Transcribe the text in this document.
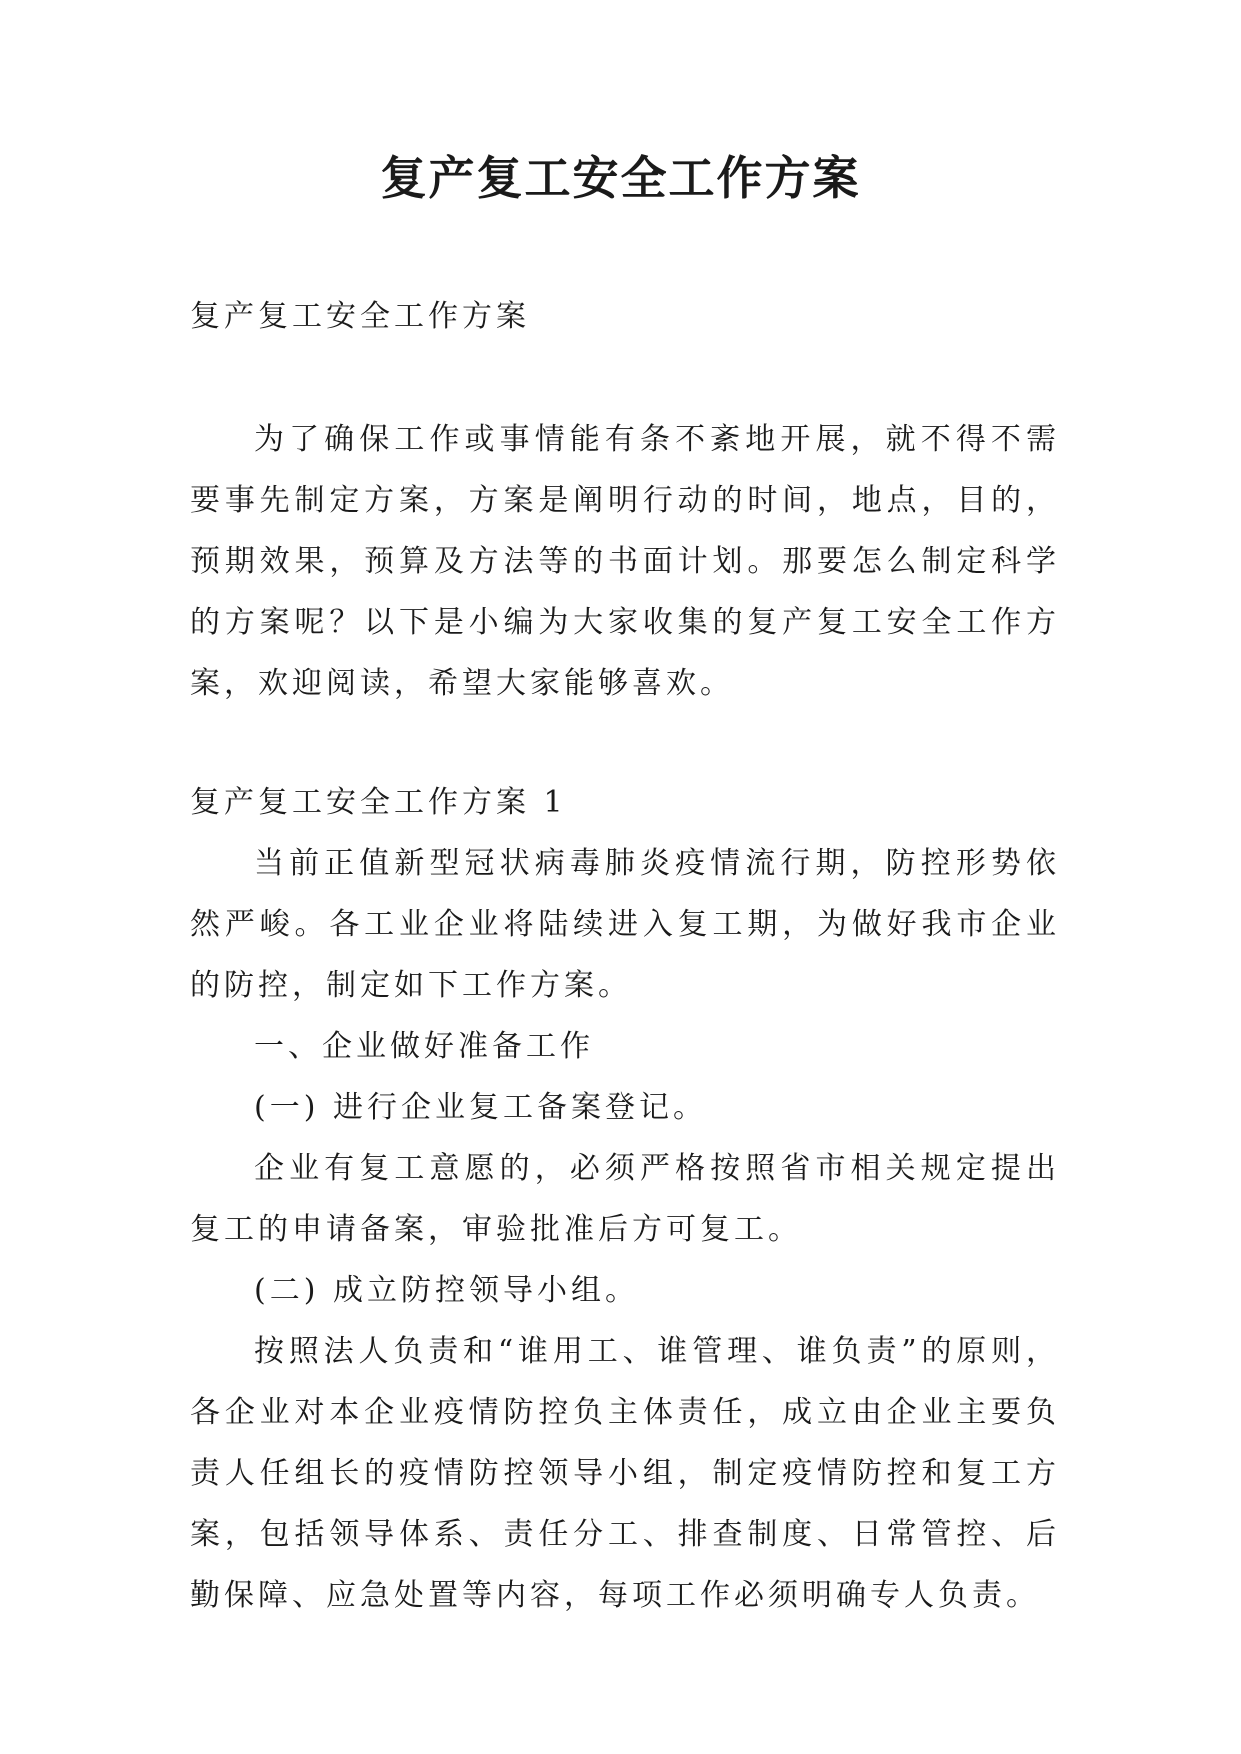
复产复工安全工作方案

复产复工安全工作方案

为了确保工作或事情能有条不紊地开展，就不得不需要事先制定方案，方案是阐明行动的时间，地点，目的，预期效果，预算及方法等的书面计划。那要怎么制定科学的方案呢？以下是小编为大家收集的复产复工安全工作方案，欢迎阅读，希望大家能够喜欢。

复产复工安全工作方案 1

当前正值新型冠状病毒肺炎疫情流行期，防控形势依然严峻。各工业企业将陆续进入复工期，为做好我市企业的防控，制定如下工作方案。

一、企业做好准备工作

(一) 进行企业复工备案登记。

企业有复工意愿的，必须严格按照省市相关规定提出复工的申请备案，审验批准后方可复工。

(二) 成立防控领导小组。

按照法人负责和“谁用工、谁管理、谁负责”的原则，各企业对本企业疫情防控负主体责任，成立由企业主要负责人任组长的疫情防控领导小组，制定疫情防控和复工方案，包括领导体系、责任分工、排查制度、日常管控、后勤保障、应急处置等内容，每项工作必须明确专人负责。
